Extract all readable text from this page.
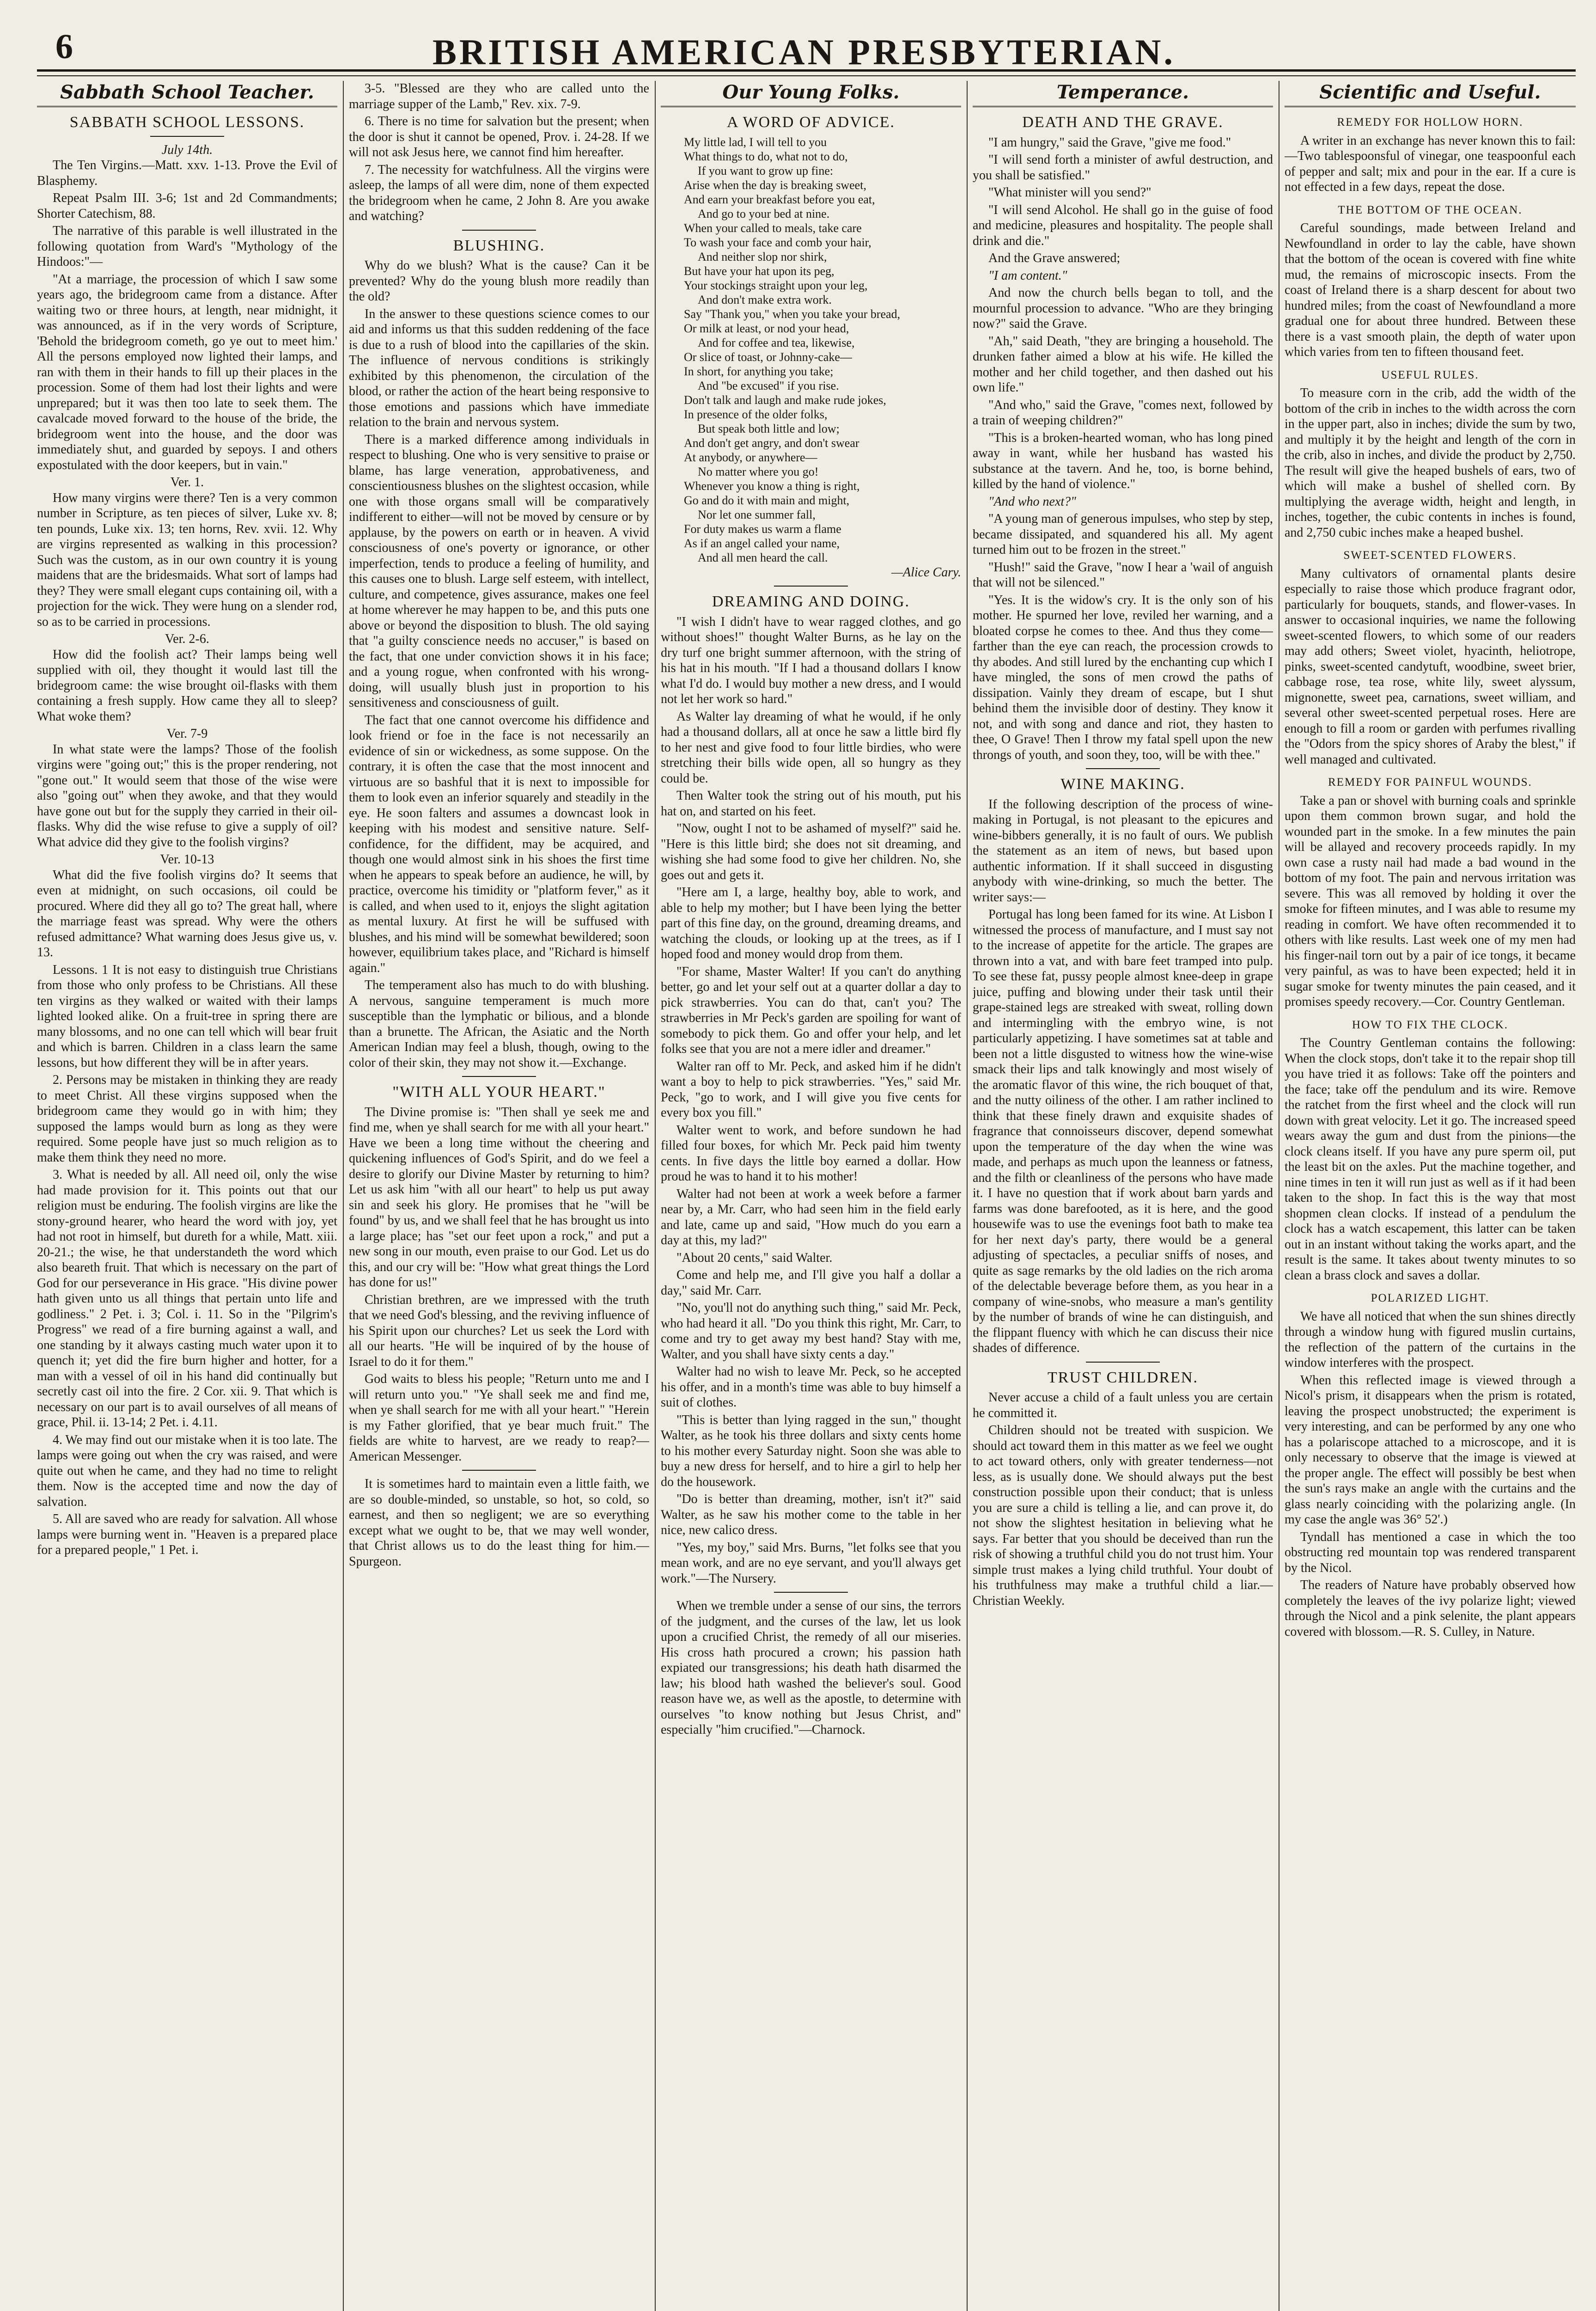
6	BRITISH AMERICAN PRESBYTERIAN.
Sabbath School Teacher.
SABBATH SCHOOL LESSONS.
July 14th.

The Ten Virgins.—Matt. xxv. 1-13. Prove the Evil of Blasphemy.

Repeat Psalm III. 3-6; 1st and 2d Commandments; Shorter Catechism, 88.

The narrative of this parable is well illustrated in the following quotation from Ward's "Mythology of the Hindoos:"—

"At a marriage, the procession of which I saw some years ago, the bridegroom came from a distance. After waiting two or three hours, at length, near midnight, it was announced, as if in the very words of Scripture, 'Behold the bridegroom cometh, go ye out to meet him.' All the persons employed now lighted their lamps, and ran with them in their hands to fill up their places in the procession. Some of them had lost their lights and were unprepared; but it was then too late to seek them. The cavalcade moved forward to the house of the bride, the bridegroom went into the house, and the door was immediately shut, and guarded by sepoys. I and others expostulated with the door keepers, but in vain."

Ver. 1.

How many virgins were there? Ten is a very common number in Scripture, as ten pieces of silver, Luke xv. 8; ten pounds, Luke xix. 13; ten horns, Rev. xvii. 12. Why are virgins represented as walking in this procession? Such was the custom, as in our own country it is young maidens that are the bridesmaids. What sort of lamps had they? They were small elegant cups containing oil, with a projection for the wick. They were hung on a slender rod, so as to be carried in processions.

Ver. 2-6.

How did the foolish act? Their lamps being well supplied with oil, they thought it would last till the bridegroom came: the wise brought oil-flasks with them containing a fresh supply. How came they all to sleep? What woke them?

Ver. 7-9

In what state were the lamps? Those of the foolish virgins were "going out;" this is the proper rendering, not "gone out." It would seem that those of the wise were also "going out" when they awoke, and that they would have gone out but for the supply they carried in their oil-flasks. Why did the wise refuse to give a supply of oil? What advice did they give to the foolish virgins?

Ver. 10-13

What did the five foolish virgins do? It seems that even at midnight, on such occasions, oil could be procured. Where did they all go to? The great hall, where the marriage feast was spread. Why were the others refused admittance? What warning does Jesus give us, v. 13.

Lessons. 1 It is not easy to distinguish true Christians from those who only profess to be Christians. All these ten virgins as they walked or waited with their lamps lighted looked alike. On a fruit-tree in spring there are many blossoms, and no one can tell which will bear fruit and which is barren. Children in a class learn the same lessons, but how different they will be in after years.

2. Persons may be mistaken in thinking they are ready to meet Christ. All these virgins supposed when the bridegroom came they would go in with him; they supposed the lamps would burn as long as they were required. Some people have just so much religion as to make them think they need no more.

3. What is needed by all. All need oil, only the wise had made provision for it. This points out that our religion must be enduring. The foolish virgins are like the stony-ground hearer, who heard the word with joy, yet had not root in himself, but dureth for a while, Matt. xiii. 20-21.; the wise, he that understandeth the word which also beareth fruit. That which is necessary on the part of God for our perseverance in His grace. "His divine power hath given unto us all things that pertain unto life and godliness." 2 Pet. i. 3; Col. i. 11. So in the "Pilgrim's Progress" we read of a fire burning against a wall, and one standing by it always casting much water upon it to quench it; yet did the fire burn higher and hotter, for a man with a vessel of oil in his hand did continually but secretly cast oil into the fire. 2 Cor. xii. 9. That which is necessary on our part is to avail ourselves of all means of grace, Phil. ii. 13-14; 2 Pet. i. 4.11.

4. We may find out our mistake when it is too late. The lamps were going out when the cry was raised, and were quite out when he came, and they had no time to relight them. Now is the accepted time and now the day of salvation.

5. All are saved who are ready for salvation. All whose lamps were burning went in. "Heaven is a prepared place for a prepared people," 1 Pet. i.

3-5. "Blessed are they who are called unto the marriage supper of the Lamb," Rev. xix. 7-9.

6. There is no time for salvation but the present; when the door is shut it cannot be opened, Prov. i. 24-28. If we will not ask Jesus here, we cannot find him hereafter.

7. The necessity for watchfulness. All the virgins were asleep, the lamps of all were dim, none of them expected the bridegroom when he came, 2 John 8. Are you awake and watching?

BLUSHING.

Why do we blush? What is the cause? Can it be prevented? Why do the young blush more readily than the old?

In the answer to these questions science comes to our aid and informs us that this sudden reddening of the face is due to a rush of blood into the capillaries of the skin. The influence of nervous conditions is strikingly exhibited by this phenomenon, the circulation of the blood, or rather the action of the heart being responsive to those emotions and passions which have immediate relation to the brain and nervous system.

There is a marked difference among individuals in respect to blushing. One who is very sensitive to praise or blame, has large veneration, approbativeness, and conscientiousness blushes on the slightest occasion, while one with those organs small will be comparatively indifferent to either—will not be moved by censure or by applause, by the powers on earth or in heaven. A vivid consciousness of one's poverty or ignorance, or other imperfection, tends to produce a feeling of humility, and this causes one to blush. Large self esteem, with intellect, culture, and competence, gives assurance, makes one feel at home wherever he may happen to be, and this puts one above or beyond the disposition to blush. The old saying that "a guilty conscience needs no accuser," is based on the fact, that one under conviction shows it in his face; and a young rogue, when confronted with his wrong-doing, will usually blush just in proportion to his sensitiveness and consciousness of guilt.

The fact that one cannot overcome his diffidence and look friend or foe in the face is not necessarily an evidence of sin or wickedness, as some suppose. On the contrary, it is often the case that the most innocent and virtuous are so bashful that it is next to impossible for them to look even an inferior squarely and steadily in the eye. He soon falters and assumes a downcast look in keeping with his modest and sensitive nature. Self-confidence, for the diffident, may be acquired, and though one would almost sink in his shoes the first time when he appears to speak before an audience, he will, by practice, overcome his timidity or "platform fever," as it is called, and when used to it, enjoys the slight agitation as mental luxury. At first he will be suffused with blushes, and his mind will be somewhat bewildered; soon however, equilibrium takes place, and "Richard is himself again."

The temperament also has much to do with blushing. A nervous, sanguine temperament is much more susceptible than the lymphatic or bilious, and a blonde than a brunette. The African, the Asiatic and the North American Indian may feel a blush, though, owing to the color of their skin, they may not show it.—Exchange.

"WITH ALL YOUR HEART."

The Divine promise is: "Then shall ye seek me and find me, when ye shall search for me with all your heart." Have we been a long time without the cheering and quickening influences of God's Spirit, and do we feel a desire to glorify our Divine Master by returning to him? Let us ask him "with all our heart" to help us put away sin and seek his glory. He promises that he "will be found" by us, and we shall feel that he has brought us into a large place; has "set our feet upon a rock," and put a new song in our mouth, even praise to our God. Let us do this, and our cry will be: "How what great things the Lord has done for us!"

Christian brethren, are we impressed with the truth that we need God's blessing, and the reviving influence of his Spirit upon our churches? Let us seek the Lord with all our hearts. "He will be inquired of by the house of Israel to do it for them."

God waits to bless his people; "Return unto me and I will return unto you." "Ye shall seek me and find me, when ye shall search for me with all your heart." "Herein is my Father glorified, that ye bear much fruit." The fields are white to harvest, are we ready to reap?—American Messenger.

It is sometimes hard to maintain even a little faith, we are so double-minded, so unstable, so hot, so cold, so earnest, and then so negligent; we are so everything except what we ought to be, that we may well wonder, that Christ allows us to do the least thing for him.—Spurgeon.

Our Young Folks.
A WORD OF ADVICE.
My little lad, I will tell to you
What things to do, what not to do,
If you want to grow up fine:
Arise when the day is breaking sweet,
And earn your breakfast before you eat,
And go to your bed at nine.
When your called to meals, take care
To wash your face and comb your hair,
And neither slop nor shirk,
But have your hat upon its peg,
Your stockings straight upon your leg,
And don't make extra work.
Say "Thank you," when you take your bread,
Or milk at least, or nod your head,
And for coffee and tea, likewise,
Or slice of toast, or Johnny-cake—
In short, for anything you take;
And "be excused" if you rise.
Don't talk and laugh and make rude jokes,
In presence of the older folks,
But speak both little and low;
And don't get angry, and don't swear
At anybody, or anywhere—
No matter where you go!
Whenever you know a thing is right,
Go and do it with main and might,
Nor let one summer fall,
For duty makes us warm a flame
As if an angel called your name,
And all men heard the call.
—Alice Cary.
DREAMING AND DOING.

"I wish I didn't have to wear ragged clothes, and go without shoes!" thought Walter Burns, as he lay on the dry turf one bright summer afternoon, with the string of his hat in his mouth. "If I had a thousand dollars I know what I'd do. I would buy mother a new dress, and I would not let her work so hard."

As Walter lay dreaming of what he would, if he only had a thousand dollars, all at once he saw a little bird fly to her nest and give food to four little birdies, who were stretching their bills wide open, all so hungry as they could be.

Then Walter took the string out of his mouth, put his hat on, and started on his feet.

"Now, ought I not to be ashamed of myself?" said he. "Here is this little bird; she does not sit dreaming, and wishing she had some food to give her children. No, she goes out and gets it.

"Here am I, a large, healthy boy, able to work, and able to help my mother; but I have been lying the better part of this fine day, on the ground, dreaming dreams, and watching the clouds, or looking up at the trees, as if I hoped food and money would drop from them.

"For shame, Master Walter! If you can't do anything better, go and let your self out at a quarter dollar a day to pick strawberries. You can do that, can't you? The strawberries in Mr Peck's garden are spoiling for want of somebody to pick them. Go and offer your help, and let folks see that you are not a mere idler and dreamer."

Walter ran off to Mr. Peck, and asked him if he didn't want a boy to help to pick strawberries. "Yes," said Mr. Peck, "go to work, and I will give you five cents for every box you fill."

Walter went to work, and before sundown he had filled four boxes, for which Mr. Peck paid him twenty cents. In five days the little boy earned a dollar. How proud he was to hand it to his mother!

Walter had not been at work a week before a farmer near by, a Mr. Carr, who had seen him in the field early and late, came up and said, "How much do you earn a day at this, my lad?"

"About 20 cents," said Walter.

Come and help me, and I'll give you half a dollar a day," said Mr. Carr.

"No, you'll not do anything such thing," said Mr. Peck, who had heard it all. "Do you think this right, Mr. Carr, to come and try to get away my best hand? Stay with me, Walter, and you shall have sixty cents a day."

Walter had no wish to leave Mr. Peck, so he accepted his offer, and in a month's time was able to buy himself a suit of clothes.

"This is better than lying ragged in the sun," thought Walter, as he took his three dollars and sixty cents home to his mother every Saturday night. Soon she was able to buy a new dress for herself, and to hire a girl to help her do the housework.

"Do is better than dreaming, mother, isn't it?" said Walter, as he saw his mother come to the table in her nice, new calico dress.

"Yes, my boy," said Mrs. Burns, "let folks see that you mean work, and are no eye servant, and you'll always get work."—The Nursery.

When we tremble under a sense of our sins, the terrors of the judgment, and the curses of the law, let us look upon a crucified Christ, the remedy of all our miseries. His cross hath procured a crown; his passion hath expiated our transgressions; his death hath disarmed the law; his blood hath washed the believer's soul. Good reason have we, as well as the apostle, to determine with ourselves "to know nothing but Jesus Christ, and" especially "him crucified."—Charnock.

Temperance.
DEATH AND THE GRAVE.

"I am hungry," said the Grave, "give me food."

"I will send forth a minister of awful destruction, and you shall be satisfied."

"What minister will you send?"

"I will send Alcohol. He shall go in the guise of food and medicine, pleasures and hospitality. The people shall drink and die."

And the Grave answered;

"I am content."

And now the church bells began to toll, and the mournful procession to advance. "Who are they bringing now?" said the Grave.

"Ah," said Death, "they are bringing a household. The drunken father aimed a blow at his wife. He killed the mother and her child together, and then dashed out his own life."

"And who," said the Grave, "comes next, followed by a train of weeping children?"

"This is a broken-hearted woman, who has long pined away in want, while her husband has wasted his substance at the tavern. And he, too, is borne behind, killed by the hand of violence."

"And who next?"

"A young man of generous impulses, who step by step, became dissipated, and squandered his all. My agent turned him out to be frozen in the street."

"Hush!" said the Grave, "now I hear a 'wail of anguish that will not be silenced."

"Yes. It is the widow's cry. It is the only son of his mother. He spurned her love, reviled her warning, and a bloated corpse he comes to thee. And thus they come—farther than the eye can reach, the procession crowds to thy abodes. And still lured by the enchanting cup which I have mingled, the sons of men crowd the paths of dissipation. Vainly they dream of escape, but I shut behind them the invisible door of destiny. They know it not, and with song and dance and riot, they hasten to thee, O Grave! Then I throw my fatal spell upon the new throngs of youth, and soon they, too, will be with thee."

WINE MAKING.

If the following description of the process of wine-making in Portugal, is not pleasant to the epicures and wine-bibbers generally, it is no fault of ours. We publish the statement as an item of news, but based upon authentic information. If it shall succeed in disgusting anybody with wine-drinking, so much the better. The writer says:—

Portugal has long been famed for its wine. At Lisbon I witnessed the process of manufacture, and I must say not to the increase of appetite for the article. The grapes are thrown into a vat, and with bare feet tramped into pulp. To see these fat, pussy people almost knee-deep in grape juice, puffing and blowing under their task until their grape-stained legs are streaked with sweat, rolling down and intermingling with the embryo wine, is not particularly appetizing. I have sometimes sat at table and been not a little disgusted to witness how the wine-wise smack their lips and talk knowingly and most wisely of the aromatic flavor of this wine, the rich bouquet of that, and the nutty oiliness of the other. I am rather inclined to think that these finely drawn and exquisite shades of fragrance that connoisseurs discover, depend somewhat upon the temperature of the day when the wine was made, and perhaps as much upon the leanness or fatness, and the filth or cleanliness of the persons who have made it. I have no question that if work about barn yards and farms was done barefooted, as it is here, and the good housewife was to use the evenings foot bath to make tea for her next day's party, there would be a general adjusting of spectacles, a peculiar sniffs of noses, and quite as sage remarks by the old ladies on the rich aroma of the delectable beverage before them, as you hear in a company of wine-snobs, who measure a man's gentility by the number of brands of wine he can distinguish, and the flippant fluency with which he can discuss their nice shades of difference.

TRUST CHILDREN.

Never accuse a child of a fault unless you are certain he committed it.

Children should not be treated with suspicion. We should act toward them in this matter as we feel we ought to act toward others, only with greater tenderness—not less, as is usually done. We should always put the best construction possible upon their conduct; that is unless you are sure a child is telling a lie, and can prove it, do not show the slightest hesitation in believing what he says. Far better that you should be deceived than run the risk of showing a truthful child you do not trust him. Your simple trust makes a lying child truthful. Your doubt of his truthfulness may make a truthful child a liar.—Christian Weekly.

Scientific and Useful.
REMEDY FOR HOLLOW HORN.

A writer in an exchange has never known this to fail:—Two tablespoonsful of vinegar, one teaspoonful each of pepper and salt; mix and pour in the ear. If a cure is not effected in a few days, repeat the dose.

THE BOTTOM OF THE OCEAN.

Careful soundings, made between Ireland and Newfoundland in order to lay the cable, have shown that the bottom of the ocean is covered with fine white mud, the remains of microscopic insects. From the coast of Ireland there is a sharp descent for about two hundred miles; from the coast of Newfoundland a more gradual one for about three hundred. Between these there is a vast smooth plain, the depth of water upon which varies from ten to fifteen thousand feet.

USEFUL RULES.

To measure corn in the crib, add the width of the bottom of the crib in inches to the width across the corn in the upper part, also in inches; divide the sum by two, and multiply it by the height and length of the corn in the crib, also in inches, and divide the product by 2,750. The result will give the heaped bushels of ears, two of which will make a bushel of shelled corn. By multiplying the average width, height and length, in inches, together, the cubic contents in inches is found, and 2,750 cubic inches make a heaped bushel.

SWEET-SCENTED FLOWERS.

Many cultivators of ornamental plants desire especially to raise those which produce fragrant odor, particularly for bouquets, stands, and flower-vases. In answer to occasional inquiries, we name the following sweet-scented flowers, to which some of our readers may add others; Sweet violet, hyacinth, heliotrope, pinks, sweet-scented candytuft, woodbine, sweet brier, cabbage rose, tea rose, white lily, sweet alyssum, mignonette, sweet pea, carnations, sweet william, and several other sweet-scented perpetual roses. Here are enough to fill a room or garden with perfumes rivalling the "Odors from the spicy shores of Araby the blest," if well managed and cultivated.

REMEDY FOR PAINFUL WOUNDS.

Take a pan or shovel with burning coals and sprinkle upon them common brown sugar, and hold the wounded part in the smoke. In a few minutes the pain will be allayed and recovery proceeds rapidly. In my own case a rusty nail had made a bad wound in the bottom of my foot. The pain and nervous irritation was severe. This was all removed by holding it over the smoke for fifteen minutes, and I was able to resume my reading in comfort. We have often recommended it to others with like results. Last week one of my men had his finger-nail torn out by a pair of ice tongs, it became very painful, as was to have been expected; held it in sugar smoke for twenty minutes the pain ceased, and it promises speedy recovery.—Cor. Country Gentleman.

HOW TO FIX THE CLOCK.

The Country Gentleman contains the following: When the clock stops, don't take it to the repair shop till you have tried it as follows: Take off the pointers and the face; take off the pendulum and its wire. Remove the ratchet from the first wheel and the clock will run down with great velocity. Let it go. The increased speed wears away the gum and dust from the pinions—the clock cleans itself. If you have any pure sperm oil, put the least bit on the axles. Put the machine together, and nine times in ten it will run just as well as if it had been taken to the shop. In fact this is the way that most shopmen clean clocks. If instead of a pendulum the clock has a watch escapement, this latter can be taken out in an instant without taking the works apart, and the result is the same. It takes about twenty minutes to so clean a brass clock and saves a dollar.

POLARIZED LIGHT.

We have all noticed that when the sun shines directly through a window hung with figured muslin curtains, the reflection of the pattern of the curtains in the window interferes with the prospect.

When this reflected image is viewed through a Nicol's prism, it disappears when the prism is rotated, leaving the prospect unobstructed; the experiment is very interesting, and can be performed by any one who has a polariscope attached to a microscope, and it is only necessary to observe that the image is viewed at the proper angle. The effect will possibly be best when the sun's rays make an angle with the curtains and the glass nearly coinciding with the polarizing angle. (In my case the angle was 36° 52'.)

Tyndall has mentioned a case in which the too obstructing red mountain top was rendered transparent by the Nicol.

The readers of Nature have probably observed how completely the leaves of the ivy polarize light; viewed through the Nicol and a pink selenite, the plant appears covered with blossom.—R. S. Culley, in Nature.
